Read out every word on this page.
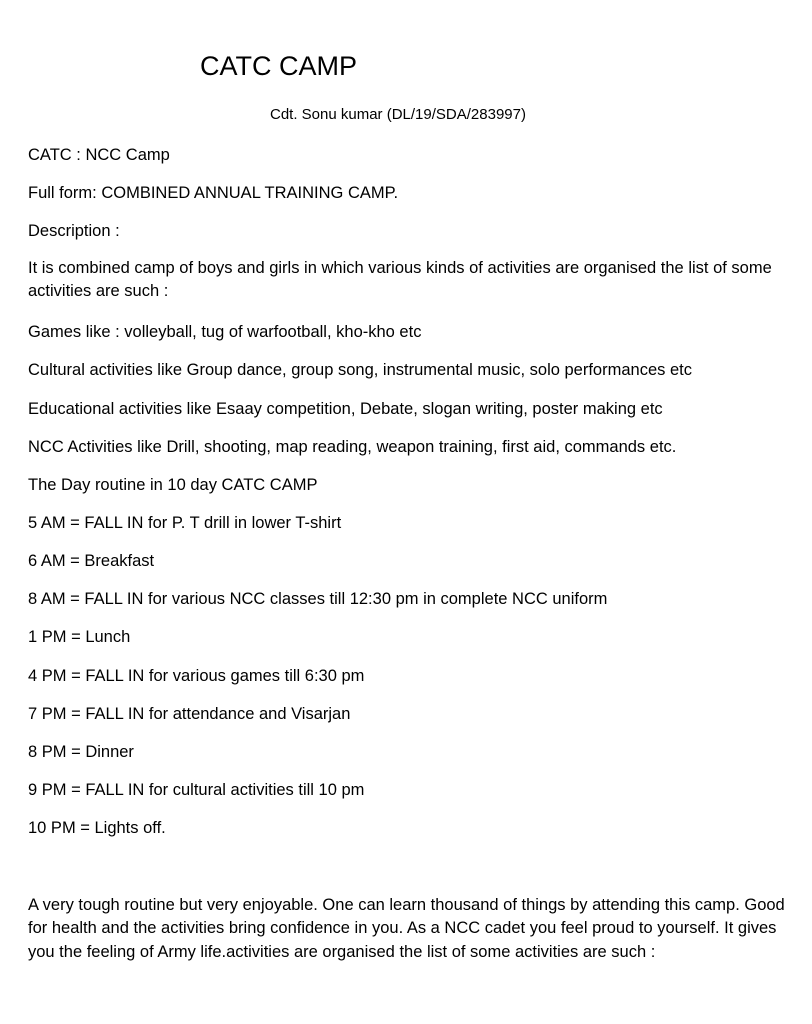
CATC CAMP
Cdt. Sonu kumar (DL/19/SDA/283997)
CATC : NCC Camp
Full form: COMBINED ANNUAL TRAINING CAMP.
Description :
It is combined camp of boys and girls in which various kinds of activities are organised the list of some activities are such :
Games like : volleyball, tug of warfootball, kho-kho etc
Cultural activities like Group dance, group song, instrumental music, solo performances etc
Educational activities like Esaay competition, Debate, slogan writing, poster making etc
NCC Activities like Drill, shooting, map reading, weapon training, first aid, commands etc.
The Day routine in 10 day CATC CAMP
5 AM = FALL IN for P. T drill in lower T-shirt
6 AM = Breakfast
8 AM = FALL IN for various NCC classes till 12:30 pm in complete NCC uniform
1 PM = Lunch
4 PM = FALL IN for various games till 6:30 pm
7 PM = FALL IN for attendance and Visarjan
8 PM = Dinner
9 PM = FALL IN for cultural activities till 10 pm
10 PM = Lights off.
A very tough routine but very enjoyable. One can learn thousand of things by attending this camp. Good for health and the activities bring confidence in you. As a NCC cadet you feel proud to yourself. It gives you the feeling of Army life.activities are organised the list of some activities are such :
